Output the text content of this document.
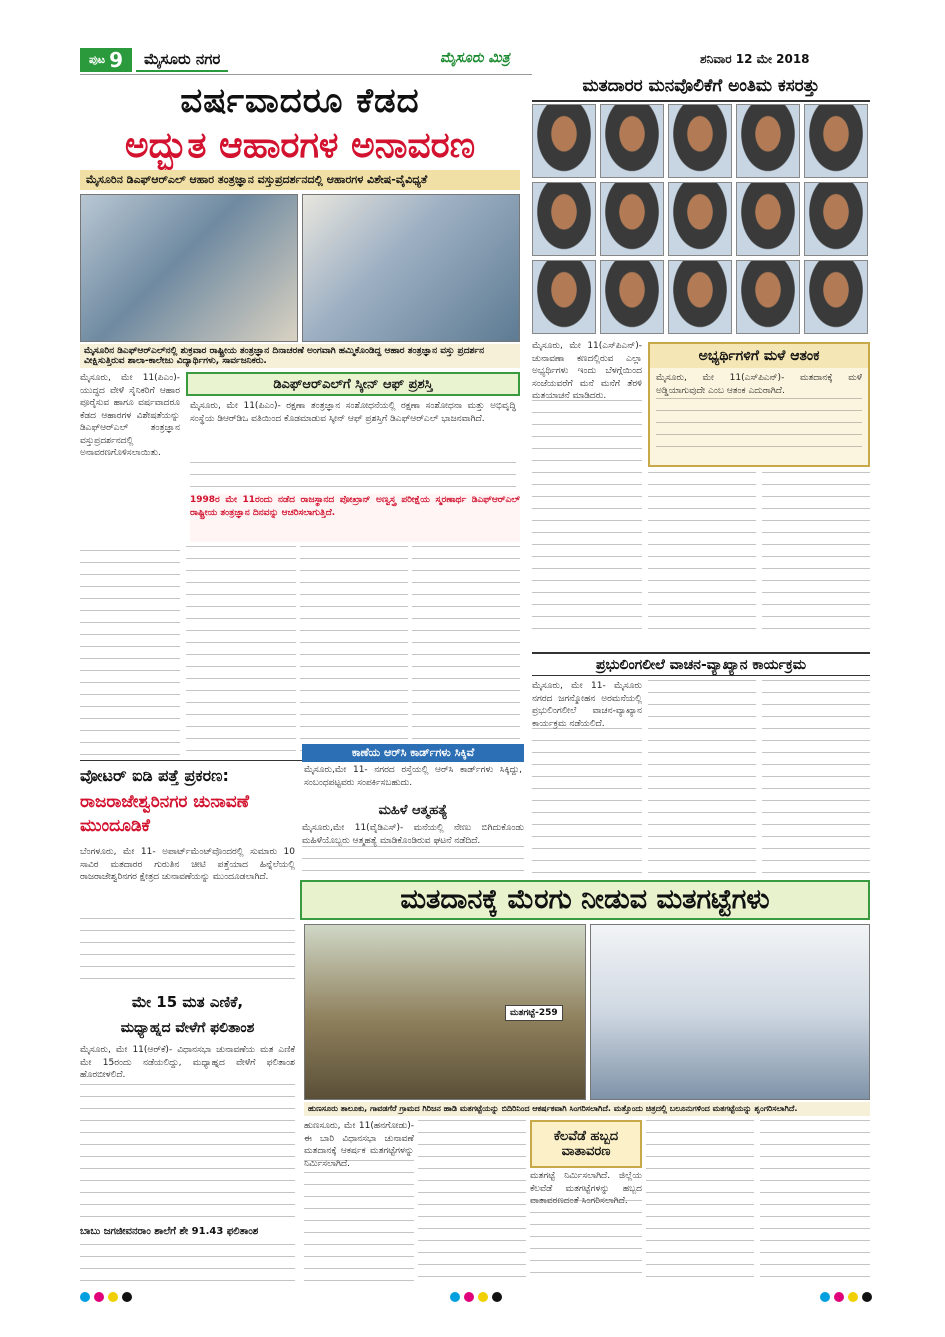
ಪುಟ 9	ಮೈಸೂರು ನಗರ	ಮೈಸೂರು ಮಿತ್ರ	ಶನಿವಾರ 12 ಮೇ 2018
ವರ್ಷವಾದರೂ ಕೆಡದ
ಅದ್ಭುತ ಆಹಾರಗಳ ಅನಾವರಣ
ಮೈಸೂರಿನ ಡಿಎಫ್‌ಆರ್‌ಎಲ್ ಆಹಾರ ತಂತ್ರಜ್ಞಾನ ವಸ್ತುಪ್ರದರ್ಶನದಲ್ಲಿ ಆಹಾರಗಳ ವಿಶೇಷ-ವೈವಿಧ್ಯತೆ
ಮೈಸೂರಿನ ಡಿಎಫ್‌ಆರ್‌ಎಲ್‌ನಲ್ಲಿ ಶುಕ್ರವಾರ ರಾಷ್ಟ್ರೀಯ ತಂತ್ರಜ್ಞಾನ ದಿನಾಚರಣೆ ಅಂಗವಾಗಿ ಹಮ್ಮಿಕೊಂಡಿದ್ದ ಆಹಾರ ತಂತ್ರಜ್ಞಾನ ವಸ್ತು ಪ್ರದರ್ಶನ ವೀಕ್ಷಿಸುತ್ತಿರುವ ಶಾಲಾ-ಕಾಲೇಜು ವಿದ್ಯಾರ್ಥಿಗಳು, ಸಾರ್ವಜನಿಕರು.
ಮೈಸೂರು, ಮೇ 11(ಪಿಎಂ)- ಯುದ್ಧದ ವೇಳೆ ಸೈನಿಕರಿಗೆ ಆಹಾರ ಪೂರೈಸುವ ಹಾಗೂ ವರ್ಷವಾದರೂ ಕೆಡದ ಆಹಾರಗಳ ವಿಶೇಷತೆಯನ್ನು ಡಿಎಫ್‌ಆರ್‌ಎಲ್ ತಂತ್ರಜ್ಞಾನ ವಸ್ತುಪ್ರದರ್ಶನದಲ್ಲಿ ಅನಾವರಣಗೊಳಿಸಲಾಯಿತು.
ಡಿಎಫ್‌ಆರ್‌ಎಲ್‌ಗೆ ಸ್ಕೀನ್ ಆಫ್ ಪ್ರಶಸ್ತಿ
ಮೈಸೂರು, ಮೇ 11(ಪಿಎಂ)- ರಕ್ಷಣಾ ತಂತ್ರಜ್ಞಾನ ಸಂಶೋಧನೆಯಲ್ಲಿ ರಕ್ಷಣಾ ಸಂಶೋಧನಾ ಮತ್ತು ಅಭಿವೃದ್ಧಿ ಸಂಸ್ಥೆಯ ಡಿಆರ್‌ಡಿಒ ವತಿಯಿಂದ ಕೊಡಮಾಡುವ ಸ್ಕೀನ್ ಆಫ್ ಪ್ರಶಸ್ತಿಗೆ ಡಿಎಫ್‌ಆರ್‌ಎಲ್ ಭಾಜನವಾಗಿದೆ.
1998ರ ಮೇ 11ರಂದು ನಡೆದ ರಾಜಸ್ಥಾನದ ಪೋಖ್ರಾನ್ ಅಣ್ವಸ್ತ್ರ ಪರೀಕ್ಷೆಯ ಸ್ಮರಣಾರ್ಥ ಡಿಎಫ್‌ಆರ್‌ಎಲ್ ರಾಷ್ಟ್ರೀಯ ತಂತ್ರಜ್ಞಾನ ದಿನವನ್ನು ಆಚರಿಸಲಾಗುತ್ತಿದೆ.
ವೋಟರ್ ಐಡಿ ಪತ್ತೆ ಪ್ರಕರಣ:
ರಾಜರಾಜೇಶ್ವರಿನಗರ ಚುನಾವಣೆ ಮುಂದೂಡಿಕೆ
ಬೆಂಗಳೂರು, ಮೇ 11- ಅಪಾರ್ಟ್‌ಮೆಂಟ್‌ವೊಂದರಲ್ಲಿ ಸುಮಾರು 10 ಸಾವಿರ ಮತದಾರರ ಗುರುತಿನ ಚೀಟಿ ಪತ್ತೆಯಾದ ಹಿನ್ನೆಲೆಯಲ್ಲಿ ರಾಜರಾಜೇಶ್ವರಿನಗರ ಕ್ಷೇತ್ರದ ಚುನಾವಣೆಯನ್ನು ಮುಂದೂಡಲಾಗಿದೆ.
ಮೇ 15 ಮತ ಎಣಿಕೆ,
ಮಧ್ಯಾಹ್ನದ ವೇಳೆಗೆ ಫಲಿತಾಂಶ
ಮೈಸೂರು, ಮೇ 11(ಆರ್‌ಕೆ)- ವಿಧಾನಸಭಾ ಚುನಾವಣೆಯ ಮತ ಎಣಿಕೆ ಮೇ 15ರಂದು ನಡೆಯಲಿದ್ದು, ಮಧ್ಯಾಹ್ನದ ವೇಳೆಗೆ ಫಲಿತಾಂಶ ಹೊರಬೀಳಲಿದೆ.
ಬಾಬು ಜಗಜೀವನರಾಂ ಶಾಲೆಗೆ ಶೇ 91.43 ಫಲಿತಾಂಶ
ಮತದಾರರ ಮನವೊಲಿಕೆಗೆ ಅಂತಿಮ ಕಸರತ್ತು
ಮೈಸೂರು, ಮೇ 11(ಎಸ್‌ಪಿಎನ್)- ಚುನಾವಣಾ ಕಣದಲ್ಲಿರುವ ಎಲ್ಲಾ ಅಭ್ಯರ್ಥಿಗಳು ಇಂದು ಬೆಳಗ್ಗೆಯಿಂದ ಸಂಜೆಯವರೆಗೆ ಮನೆ ಮನೆಗೆ ತೆರಳಿ ಮತಯಾಚನೆ ಮಾಡಿದರು.
ಅಭ್ಯರ್ಥಿಗಳಿಗೆ ಮಳೆ ಆತಂಕ
ಮೈಸೂರು, ಮೇ 11(ಎಸ್‌ಪಿಎನ್)- ಮತದಾನಕ್ಕೆ ಮಳೆ ಅಡ್ಡಿಯಾಗುವುದೇ ಎಂಬ ಆತಂಕ ಎದುರಾಗಿದೆ.
ಪ್ರಭುಲಿಂಗಲೀಲೆ ವಾಚನ-ವ್ಯಾಖ್ಯಾನ ಕಾರ್ಯಕ್ರಮ
ಮೈಸೂರು, ಮೇ 11- ಮೈಸೂರು ನಗರದ ಜಗನ್ಮೋಹನ ಅರಮನೆಯಲ್ಲಿ ಪ್ರಭುಲಿಂಗಲೀಲೆ ವಾಚನ-ವ್ಯಾಖ್ಯಾನ ಕಾರ್ಯಕ್ರಮ ನಡೆಯಲಿದೆ.
ಕಾಣೆಯ ಆರ್‌ಸಿ ಕಾರ್ಡ್‌ಗಳು ಸಿಕ್ಕಿವೆ
ಮೈಸೂರು,ಮೇ 11- ನಗರದ ರಸ್ತೆಯಲ್ಲಿ ಆರ್‌ಸಿ ಕಾರ್ಡ್‌ಗಳು ಸಿಕ್ಕಿದ್ದು, ಸಂಬಂಧಪಟ್ಟವರು ಸಂಪರ್ಕಿಸಬಹುದು.
ಮಹಿಳೆ ಆತ್ಮಹತ್ಯೆ
ಮೈಸೂರು,ಮೇ 11(ವೈಡಿಎಸ್)- ಮನೆಯಲ್ಲಿ ನೇಣು ಬಿಗಿದುಕೊಂಡು ಮಹಿಳೆಯೊಬ್ಬರು ಆತ್ಮಹತ್ಯೆ ಮಾಡಿಕೊಂಡಿರುವ ಘಟನೆ ನಡೆದಿದೆ.
ಮತದಾನಕ್ಕೆ ಮೆರಗು ನೀಡುವ ಮತಗಟ್ಟೆಗಳು
ಮತಗಟ್ಟೆ-259
ಹುಣಸೂರು ತಾಲೂಕು, ಗಾವಡಗೆರೆ ಗ್ರಾಮದ ಗಿರಿಜನ ಹಾಡಿ ಮತಗಟ್ಟೆಯನ್ನು ಬಿದಿರಿನಿಂದ ಆಕರ್ಷಕವಾಗಿ ಸಿಂಗರಿಸಲಾಗಿದೆ. ಮತ್ತೊಂದು ಚಿತ್ರದಲ್ಲಿ ಬಲೂನುಗಳಿಂದ ಮತಗಟ್ಟೆಯನ್ನು ಶೃಂಗರಿಸಲಾಗಿದೆ.
ಹುಣಸೂರು, ಮೇ 11(ಹನಗೋಡು)- ಈ ಬಾರಿ ವಿಧಾನಸಭಾ ಚುನಾವಣೆ ಮತದಾನಕ್ಕೆ ಆಕರ್ಷಕ ಮತಗಟ್ಟೆಗಳನ್ನು ನಿರ್ಮಿಸಲಾಗಿದೆ.
ಕೆಲವೆಡೆ ಹಬ್ಬದ ವಾತಾವರಣ
ಮತಗಟ್ಟೆ ನಿರ್ಮಿಸಲಾಗಿದೆ. ಜಿಲ್ಲೆಯ ಕೆಲವೆಡೆ ಮತಗಟ್ಟೆಗಳನ್ನು ಹಬ್ಬದ ವಾತಾವರಣದಂತೆ ಸಿಂಗರಿಸಲಾಗಿದೆ.
